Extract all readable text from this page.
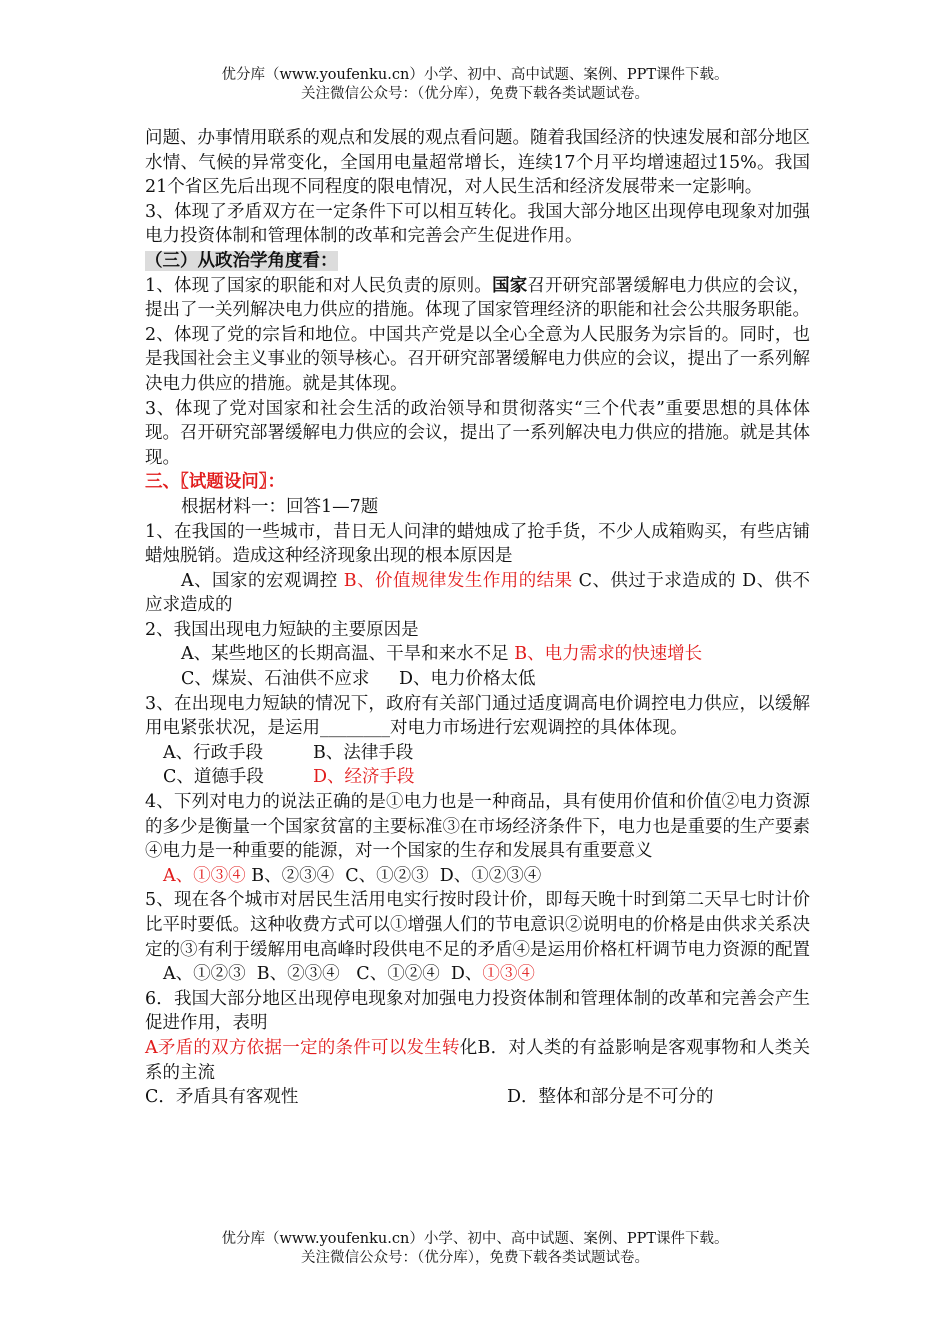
优分库（www.youfenku.cn）小学、初中、高中试题、案例、PPT课件下载。
关注微信公众号：（优分库），免费下载各类试题试卷。

问题、办事情用联系的观点和发展的观点看问题。随着我国经济的快速发展和部分地区水情、气候的异常变化，全国用电量超常增长，连续17个月平均增速超过15%。我国21个省区先后出现不同程度的限电情况，对人民生活和经济发展带来一定影响。

3、体现了矛盾双方在一定条件下可以相互转化。我国大部分地区出现停电现象对加强电力投资体制和管理体制的改革和完善会产生促进作用。

（三）从政治学角度看：

1、体现了国家的职能和对人民负责的原则。国家召开研究部署缓解电力供应的会议，提出了一关列解决电力供应的措施。体现了国家管理经济的职能和社会公共服务职能。

2、体现了党的宗旨和地位。中国共产党是以全心全意为人民服务为宗旨的。同时，也是我国社会主义事业的领导核心。召开研究部署缓解电力供应的会议，提出了一系列解决电力供应的措施。就是其体现。

3、体现了党对国家和社会生活的政治领导和贯彻落实“三个代表”重要思想的具体体现。召开研究部署缓解电力供应的会议，提出了一系列解决电力供应的措施。就是其体现。

三、〖试题设问〗：

根据材料一：回答1—7题

1、在我国的一些城市，昔日无人问津的蜡烛成了抢手货，不少人成箱购买，有些店铺蜡烛脱销。造成这种经济现象出现的根本原因是

A、国家的宏观调控 B、价值规律发生作用的结果 C、供过于求造成的 D、供不应求造成的

2、我国出现电力短缺的主要原因是

A、某些地区的长期高温、干旱和来水不足 B、电力需求的快速增长

C、煤炭、石油供不应求	D、电力价格太低

3、在出现电力短缺的情况下，政府有关部门通过适度调高电价调控电力供应，以缓解用电紧张状况，是运用________对电力市场进行宏观调控的具体体现。

A、行政手段	B、法律手段
C、道德手段	D、经济手段

4、下列对电力的说法正确的是①电力也是一种商品，具有使用价值和价值②电力资源的多少是衡量一个国家贫富的主要标准③在市场经济条件下，电力也是重要的生产要素④电力是一种重要的能源，对一个国家的生存和发展具有重要意义

A、①③④ B、②③④  C、①②③  D、①②③④

5、现在各个城市对居民生活用电实行按时段计价，即每天晚十时到第二天早七时计价比平时要低。这种收费方式可以①增强人们的节电意识②说明电的价格是由供求关系决定的③有利于缓解用电高峰时段供电不足的矛盾④是运用价格杠杆调节电力资源的配置

A、①②③  B、②③④   C、①②④  D、①③④

6．我国大部分地区出现停电现象对加强电力投资体制和管理体制的改革和完善会产生促进作用，表明

A矛盾的双方依据一定的条件可以发生转化B．对人类的有益影响是客观事物和人类关系的主流

C．矛盾具有客观性	D．整体和部分是不可分的
优分库（www.youfenku.cn）小学、初中、高中试题、案例、PPT课件下载。
关注微信公众号：（优分库），免费下载各类试题试卷。
